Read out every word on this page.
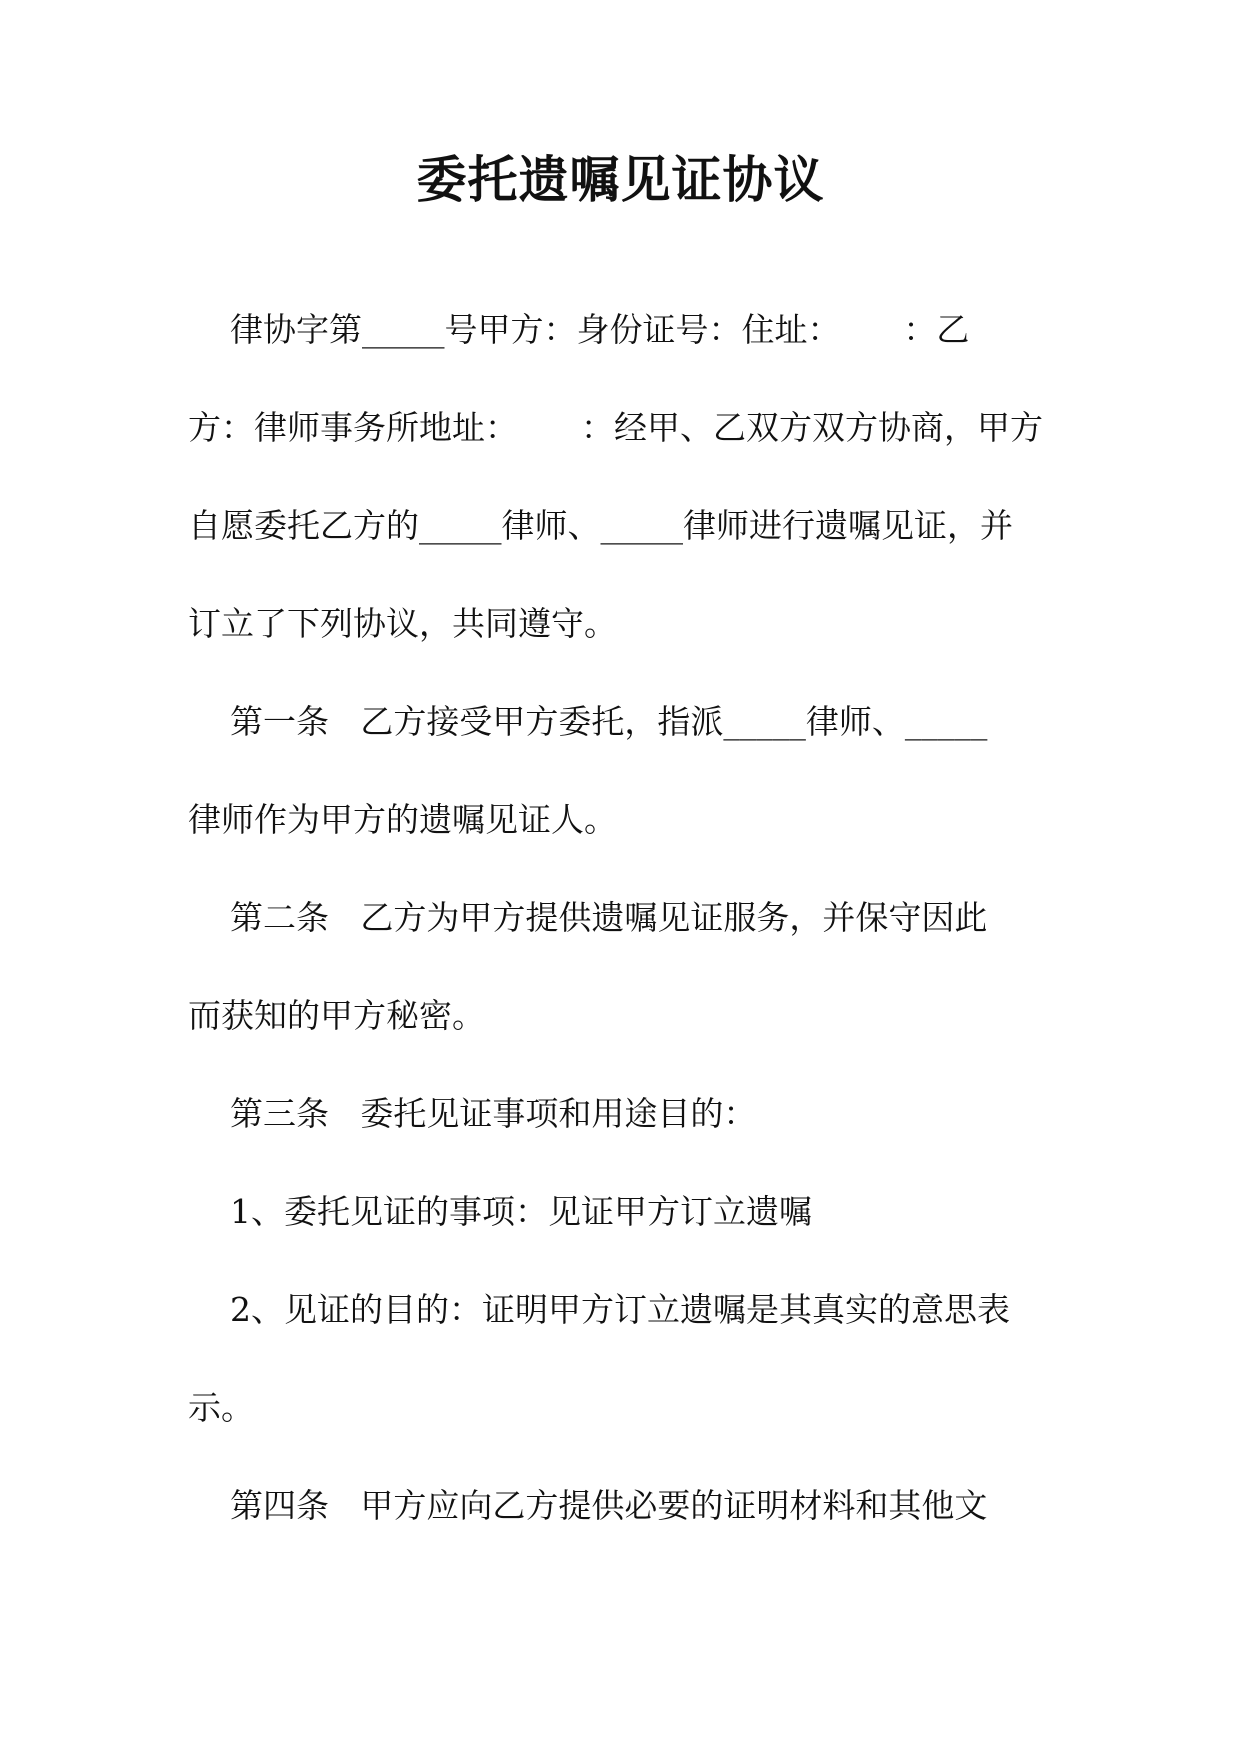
委托遗嘱见证协议
律协字第_____号甲方：身份证号：住址：      ：乙
方：律师事务所地址：      ：经甲、乙双方双方协商，甲方
自愿委托乙方的_____律师、_____律师进行遗嘱见证，并
订立了下列协议，共同遵守。
第一条   乙方接受甲方委托，指派_____律师、_____
律师作为甲方的遗嘱见证人。
第二条   乙方为甲方提供遗嘱见证服务，并保守因此
而获知的甲方秘密。
第三条   委托见证事项和用途目的：
1、委托见证的事项：见证甲方订立遗嘱
2、见证的目的：证明甲方订立遗嘱是其真实的意思表
示。
第四条   甲方应向乙方提供必要的证明材料和其他文
